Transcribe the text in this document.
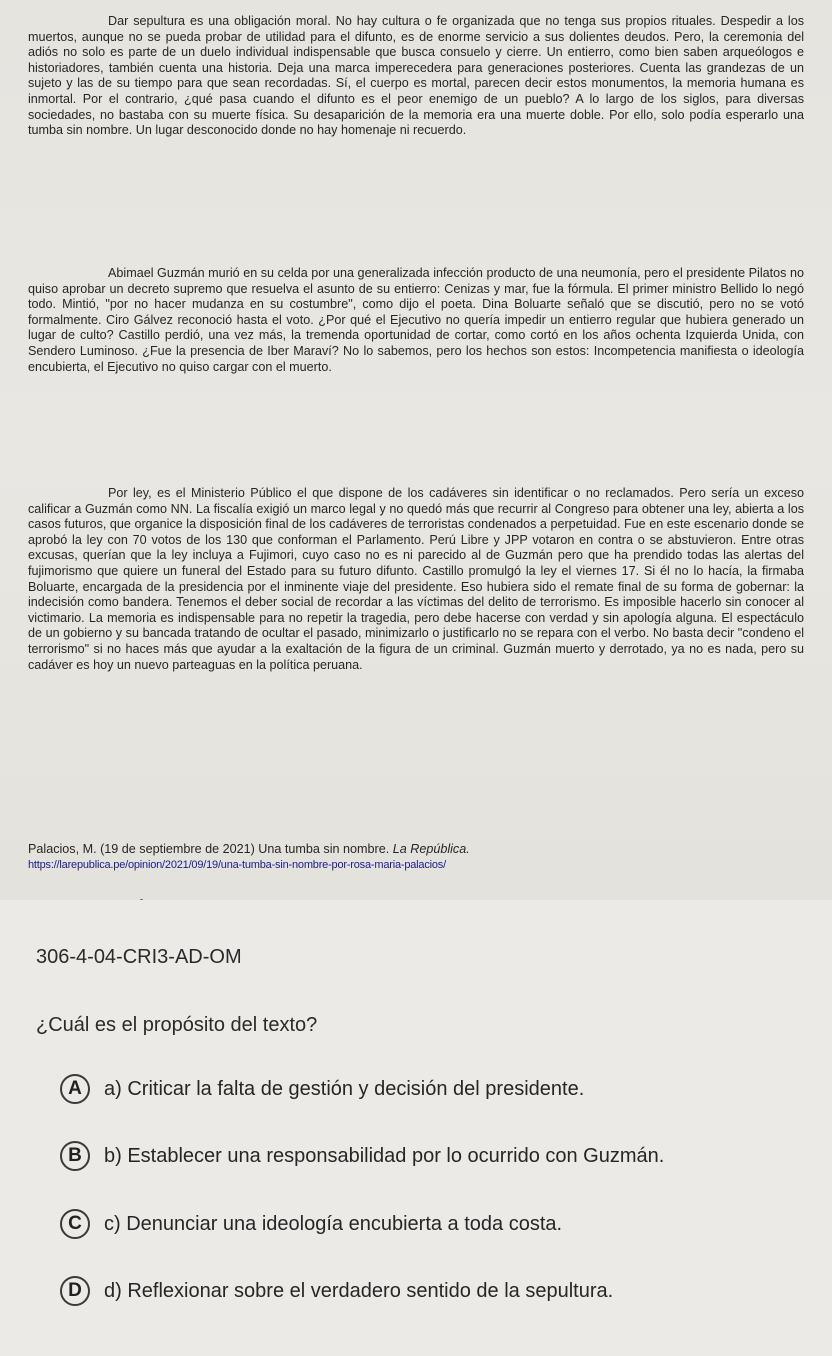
Dar sepultura es una obligación moral. No hay cultura o fe organizada que no tenga sus propios rituales. Despedir a los muertos, aunque no se pueda probar de utilidad para el difunto, es de enorme servicio a sus dolientes deudos. Pero, la ceremonia del adiós no solo es parte de un duelo individual indispensable que busca consuelo y cierre. Un entierro, como bien saben arqueólogos e historiadores, también cuenta una historia. Deja una marca imperecedera para generaciones posteriores. Cuenta las grandezas de un sujeto y las de su tiempo para que sean recordadas. Sí, el cuerpo es mortal, parecen decir estos monumentos, la memoria humana es inmortal. Por el contrario, ¿qué pasa cuando el difunto es el peor enemigo de un pueblo? A lo largo de los siglos, para diversas sociedades, no bastaba con su muerte física. Su desaparición de la memoria era una muerte doble. Por ello, solo podía esperarlo una tumba sin nombre. Un lugar desconocido donde no hay homenaje ni recuerdo.

Abimael Guzmán murió en su celda por una generalizada infección producto de una neumonía, pero el presidente Pilatos no quiso aprobar un decreto supremo que resuelva el asunto de su entierro: Cenizas y mar, fue la fórmula. El primer ministro Bellido lo negó todo. Mintió, "por no hacer mudanza en su costumbre", como dijo el poeta. Dina Boluarte señaló que se discutió, pero no se votó formalmente. Ciro Gálvez reconoció hasta el voto. ¿Por qué el Ejecutivo no quería impedir un entierro regular que hubiera generado un lugar de culto? Castillo perdió, una vez más, la tremenda oportunidad de cortar, como cortó en los años ochenta Izquierda Unida, con Sendero Luminoso. ¿Fue la presencia de Iber Maraví? No lo sabemos, pero los hechos son estos: Incompetencia manifiesta o ideología encubierta, el Ejecutivo no quiso cargar con el muerto.

Por ley, es el Ministerio Público el que dispone de los cadáveres sin identificar o no reclamados. Pero sería un exceso calificar a Guzmán como NN. La fiscalía exigió un marco legal y no quedó más que recurrir al Congreso para obtener una ley, abierta a los casos futuros, que organice la disposición final de los cadáveres de terroristas condenados a perpetuidad. Fue en este escenario donde se aprobó la ley con 70 votos de los 130 que conforman el Parlamento. Perú Libre y JPP votaron en contra o se abstuvieron. Entre otras excusas, querían que la ley incluya a Fujimori, cuyo caso no es ni parecido al de Guzmán pero que ha prendido todas las alertas del fujimorismo que quiere un funeral del Estado para su futuro difunto. Castillo promulgó la ley el viernes 17. Si él no lo hacía, la firmaba Boluarte, encargada de la presidencia por el inminente viaje del presidente. Eso hubiera sido el remate final de su forma de gobernar: la indecisión como bandera. Tenemos el deber social de recordar a las víctimas del delito de terrorismo. Es imposible hacerlo sin conocer al victimario. La memoria es indispensable para no repetir la tragedia, pero debe hacerse con verdad y sin apología alguna. El espectáculo de un gobierno y su bancada tratando de ocultar el pasado, minimizarlo o justificarlo no se repara con el verbo. No basta decir "condeno el terrorismo" si no haces más que ayudar a la exaltación de la figura de un criminal. Guzmán muerto y derrotado, ya no es nada, pero su cadáver es hoy un nuevo parteaguas en la política peruana.

Palacios, M. (19 de septiembre de 2021) Una tumba sin nombre. La República.
https://larepublica.pe/opinion/2021/09/19/una-tumba-sin-nombre-por-rosa-maria-palacios/

306-4-04-CRI3-AD-OM

¿Cuál es el propósito del texto?

A	a) Criticar la falta de gestión y decisión del presidente.
B	b) Establecer una responsabilidad por lo ocurrido con Guzmán.
C	c) Denunciar una ideología encubierta a toda costa.
D	d) Reflexionar sobre el verdadero sentido de la sepultura.
